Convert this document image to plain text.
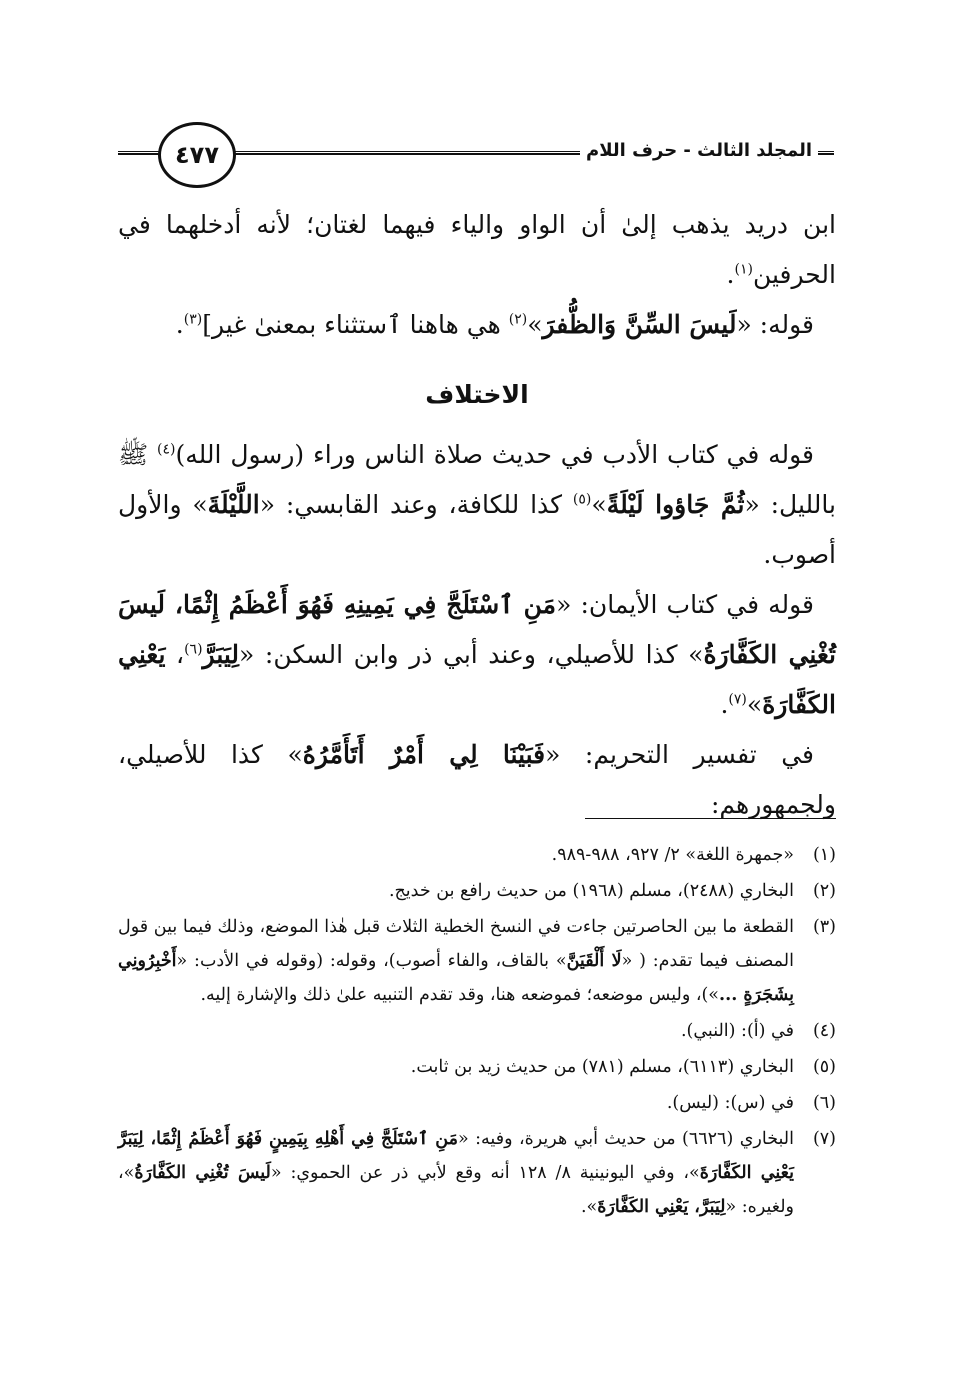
المجلد الثالث - حرف اللام
٤٧٧

ابن دريد يذهب إلىٰ أن الواو والياء فيهما لغتان؛ لأنه أدخلهما في الحرفين$^{(١)}$.

قوله: «لَيسَ السِّنَّ وَالظُّفرَ»$^{(٢)}$ هي هاهنا ٱستثناء بمعنىٰ غير]$^{(٣)}$.

الاختلاف

قوله في كتاب الأدب في حديث صلاة الناس وراء (رسول الله)$^{(٤)}$ ﷺ بالليل: «ثُمَّ جَاؤوا لَيْلَةً»$^{(٥)}$ كذا للكافة، وعند القابسي: «اللَّيْلَةَ» والأول أصوب.

قوله في كتاب الأيمان: «مَنِ ٱسْتَلَجَّ فِي يَمِينِهِ فَهُوَ أَعْظَمُ إِثْمًا، لَيسَ تُغْنِي الكَفَّارَةُ» كذا للأصيلي، وعند أبي ذر وابن السكن: «لِيَبَرَّ$^{(٦)}$، يَعْنِي الكَفَّارَةَ»$^{(٧)}$.

في تفسير التحريم: «فَبَيْنَا لِي أَمْرٌ أَتَأَمَّرُهُ» كذا للأصيلي، ولجمهورهم:

(١)
«جمهرة اللغة» ٢/ ٩٢٧، ٩٨٨-٩٨٩.
(٢)
البخاري (٢٤٨٨)، مسلم (١٩٦٨) من حديث رافع بن خديج.
(٣)
القطعة ما بين الحاصرتين جاءت في النسخ الخطية الثلاث قبل هٰذا الموضع، وذلك فيما بين قول المصنف فيما تقدم: ( «لَا أَلْقَيَنَّ» بالقاف، والفاء أصوب)، وقوله: (وقوله في الأدب: «أَخْبِرُونِي بِشَجَرَةٍ ...»)، وليس موضعه؛ فموضعه هنا، وقد تقدم التنبيه علىٰ ذلك والإشارة إليه.
(٤)
في (أ): (النبي).
(٥)
البخاري (٦١١٣)، مسلم (٧٨١) من حديث زيد بن ثابت.
(٦)
في (س): (ليس).
(٧)
البخاري (٦٦٢٦) من حديث أبي هريرة، وفيه: «مَنِ ٱسْتَلَجَّ فِي أَهْلِهِ بِيَمِينٍ فَهُوَ أَعْظَمُ إِثْمًا، لِيَبَرَّ يَعْنِي الكَفَّارَةَ»، وفي اليونينية ٨/ ١٢٨ أنه وقع لأبي ذر عن الحموي: «لَيسَ تُغْنِي الكَفَّارَةُ»، ولغيره: «لِيَبَرَّ، يَعْنِي الكَفَّارَةَ».
